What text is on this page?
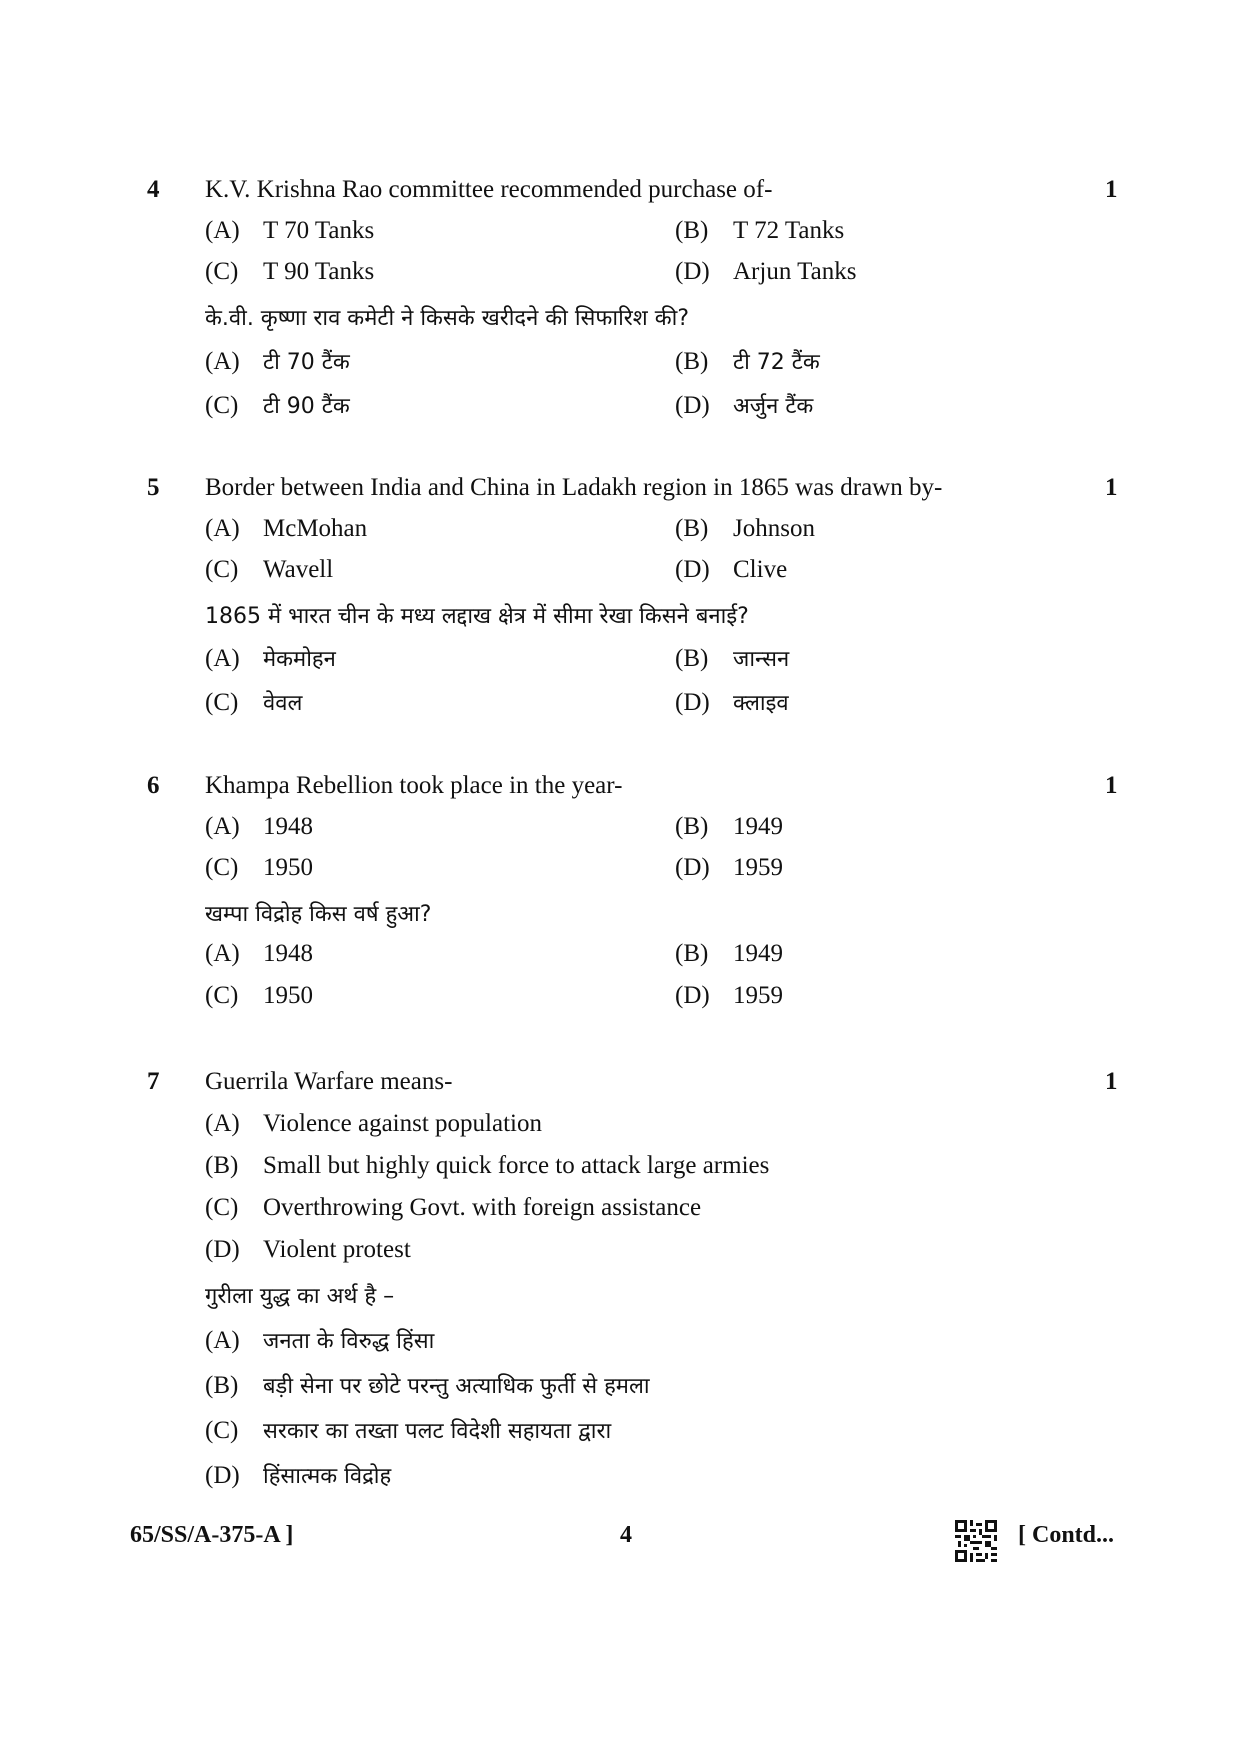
4 K.V. Krishna Rao committee recommended purchase of-	1
(A) T 70 Tanks	(B) T 72 Tanks
(C) T 90 Tanks	(D) Arjun Tanks
के.वी. कृष्णा राव कमेटी ने किसके खरीदने की सिफारिश की?
(A) टी 70 टैंक	(B) टी 72 टैंक
(C) टी 90 टैंक	(D) अर्जुन टैंक
5 Border between India and China in Ladakh region in 1865 was drawn by-	1
(A) McMohan	(B) Johnson
(C) Wavell	(D) Clive
1865 में भारत चीन के मध्य लद्दाख क्षेत्र में सीमा रेखा किसने बनाई?
(A) मेकमोहन	(B) जान्सन
(C) वेवल	(D) क्लाइव
6 Khampa Rebellion took place in the year-	1
(A) 1948	(B) 1949
(C) 1950	(D) 1959
खम्पा विद्रोह किस वर्ष हुआ?
(A) 1948	(B) 1949
(C) 1950	(D) 1959
7 Guerrila Warfare means-	1
(A) Violence against population
(B) Small but highly quick force to attack large armies
(C) Overthrowing Govt. with foreign assistance
(D) Violent protest
गुरीला युद्ध का अर्थ है –
(A) जनता के विरुद्ध हिंसा
(B) बड़ी सेना पर छोटे परन्तु अत्याधिक फुर्ती से हमला
(C) सरकार का तख्ता पलट विदेशी सहायता द्वारा
(D) हिंसात्मक विद्रोह
65/SS/A-375-A ]	4	[ Contd...
